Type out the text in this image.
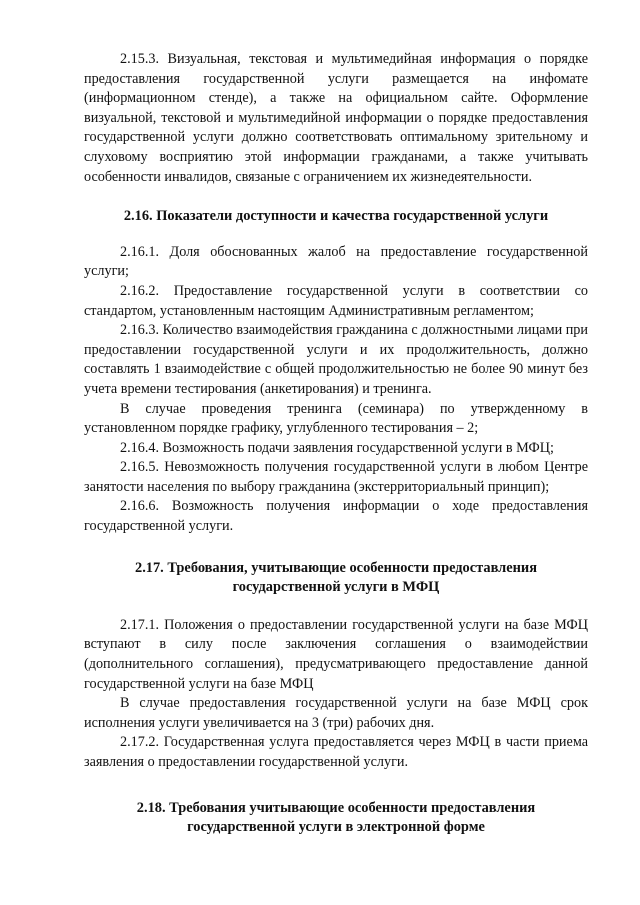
2.15.3. Визуальная, текстовая и мультимедийная информация о порядке предоставления государственной услуги размещается на инфомате (информационном стенде), а также на официальном сайте. Оформление визуальной, текстовой и мультимедийной информации о порядке предоставления государственной услуги должно соответствовать оптимальному зрительному и слуховому восприятию этой информации гражданами, а также учитывать особенности инвалидов, связаные с ограничением их жизнедеятельности.

2.16. Показатели доступности и качества государственной услуги

2.16.1. Доля обоснованных жалоб на предоставление государственной услуги;

2.16.2. Предоставление государственной услуги в соответствии со стандартом, установленным настоящим Административным регламентом;

2.16.3. Количество взаимодействия гражданина с должностными лицами при предоставлении государственной услуги и их продолжительность, должно составлять 1 взаимодействие с общей продолжительностью не более 90 минут без учета времени тестирования (анкетирования) и тренинга.

В случае проведения тренинга (семинара) по утвержденному в установленном порядке графику, углубленного тестирования – 2;

2.16.4. Возможность подачи заявления государственной услуги в МФЦ;

2.16.5. Невозможность получения государственной услуги в любом Центре занятости населения по выбору гражданина (экстерриториальный принцип);

2.16.6. Возможность получения информации о ходе предоставления государственной услуги.

2.17. Требования, учитывающие особенности предоставления
государственной услуги в МФЦ

2.17.1. Положения о предоставлении государственной услуги на базе МФЦ вступают в силу после заключения соглашения о взаимодействии (дополнительного соглашения), предусматривающего предоставление данной государственной услуги на базе МФЦ

В случае предоставления государственной услуги на базе МФЦ срок исполнения услуги увеличивается на 3 (три) рабочих дня.

2.17.2. Государственная услуга предоставляется через МФЦ в части приема заявления о предоставлении государственной услуги.

2.18. Требования учитывающие особенности предоставления
государственной услуги в электронной форме
